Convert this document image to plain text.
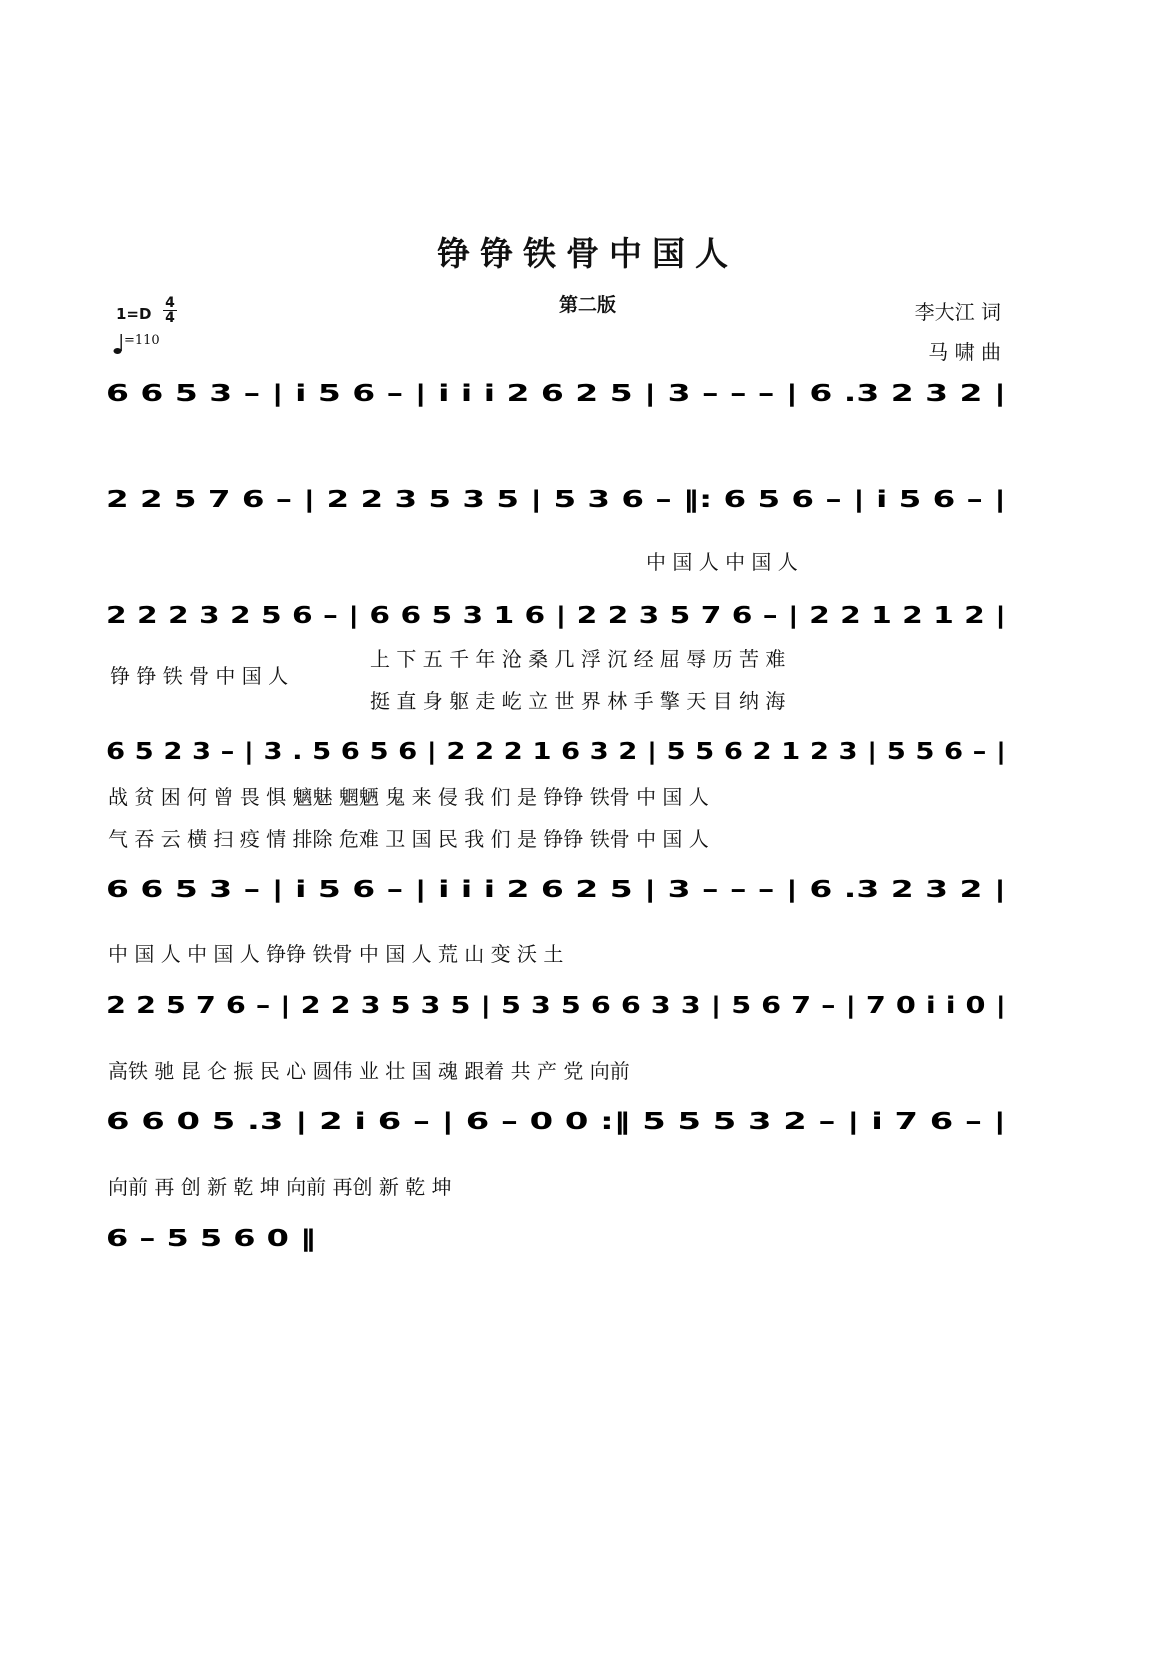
铮铮铁骨中国人
第二版
1=D
4
4
=110
李大江 词
马 啸 曲
6 6 5 3 – | i 5 6 – | i i i 2 6 2 5 | 3 – – – | 6 .3 2 3 2 |
2 2 5 7 6 – | 2 2 3 5 3 5 | 5 3 6 – ‖: 6 5 6 – | i 5 6 – |
2 2 2 3 2 5 6 – | 6 6 5 3 1 6 | 2 2 3 5 7 6 – | 2 2 1 2 1 2 |
6 5 2 3 – | 3 . 5 6 5 6 | 2 2 2 1 6 3 2 | 5 5 6 2 1 2 3 | 5 5 6 – |
6 6 5 3 – | i 5 6 – | i i i 2 6 2 5 | 3 – – – | 6 .3 2 3 2 |
2 2 5 7 6 – | 2 2 3 5 3 5 | 5 3 5 6 6 3 3 | 5 6 7 – | 7 0 i i 0 |
6 6 0 5 .3 | 2 i 6 – | 6 – 0 0 :‖ 5 5 5 3 2 – | i 7 6 – |
6 – 5 5 6 0 ‖
中 国 人 中 国 人
铮 铮 铁 骨 中 国 人
上 下 五 千 年 沧 桑 几 浮 沉 经 屈 辱 历 苦 难
挺 直 身 躯 走 屹 立 世 界 林 手 擎 天 目 纳 海
战 贫 困 何 曾 畏 惧 魑魅 魍魉 鬼 来 侵 我 们 是 铮铮 铁骨 中 国 人
气 吞 云 横 扫 疫 情 排除 危难 卫 国 民 我 们 是 铮铮 铁骨 中 国 人
中 国 人 中 国 人 铮铮 铁骨 中 国 人 荒 山 变 沃 土
高铁 驰 昆 仑 振 民 心 圆伟 业 壮 国 魂 跟着 共 产 党 向前
向前 再 创 新 乾 坤 向前 再创 新 乾 坤
